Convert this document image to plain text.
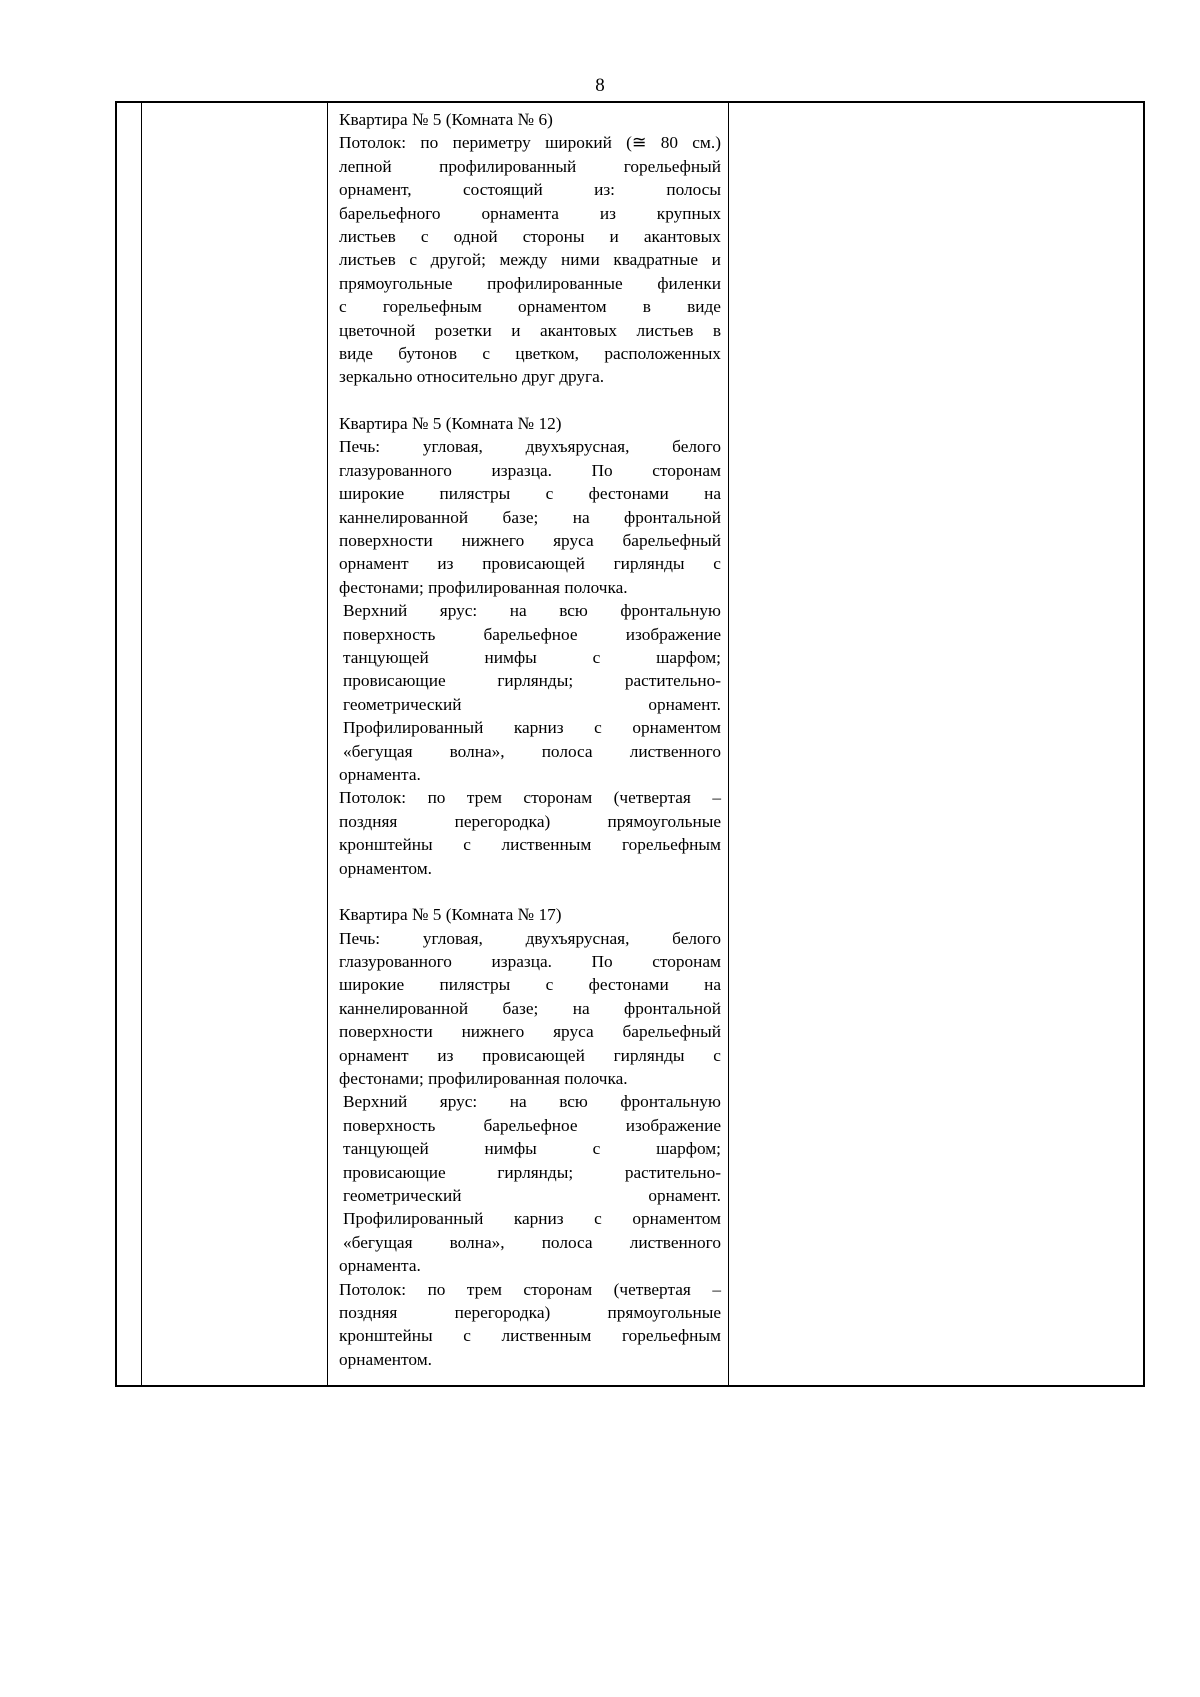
8
Квартира № 5 (Комната № 6)
Потолок: по периметру широкий (≅ 80 см.)
лепной	профилированный	горельефный
орнамент,	состоящий	из:	полосы
барельефного орнамента из крупных
листьев с одной стороны и акантовых
листьев с другой; между ними квадратные и
прямоугольные профилированные филенки
с горельефным орнаментом в виде
цветочной розетки и акантовых листьев в
виде бутонов с цветком, расположенных
зеркально относительно друг друга.
Квартира № 5 (Комната № 12)
Печь: угловая, двухъярусная, белого
глазурованного изразца. По сторонам
широкие пилястры с фестонами на
каннелированной базе; на фронтальной
поверхности нижнего яруса барельефный
орнамент из провисающей гирлянды с
фестонами; профилированная полочка.
Верхний ярус: на всю фронтальную
поверхность	барельефное	изображение
танцующей	нимфы	с	шарфом;
провисающие	гирлянды;	растительно-
геометрический	орнамент.
Профилированный карниз с орнаментом
«бегущая волна», полоса лиственного
орнамента.
Потолок: по трем сторонам (четвертая –
поздняя	перегородка)	прямоугольные
кронштейны с лиственным горельефным
орнаментом.
Квартира № 5 (Комната № 17)
Печь: угловая, двухъярусная, белого
глазурованного изразца. По сторонам
широкие пилястры с фестонами на
каннелированной базе; на фронтальной
поверхности нижнего яруса барельефный
орнамент из провисающей гирлянды с
фестонами; профилированная полочка.
Верхний ярус: на всю фронтальную
поверхность	барельефное	изображение
танцующей	нимфы	с	шарфом;
провисающие	гирлянды;	растительно-
геометрический	орнамент.
Профилированный карниз с орнаментом
«бегущая волна», полоса лиственного
орнамента.
Потолок: по трем сторонам (четвертая –
поздняя	перегородка)	прямоугольные
кронштейны с лиственным горельефным
орнаментом.
